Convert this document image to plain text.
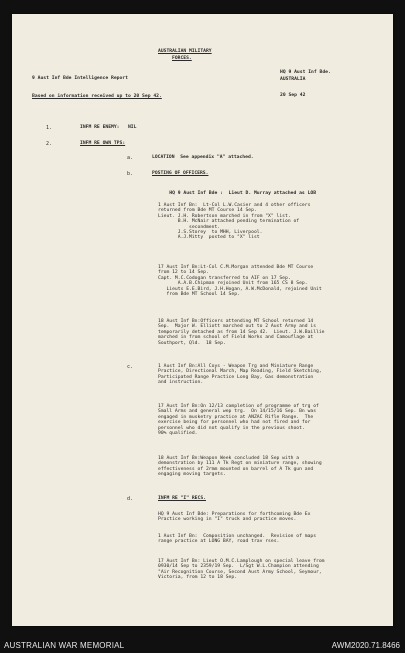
AUSTRALIAN MILITARY
FORCES.
9 Aust Inf Bde Intelligence Report
Based on information received up to 20 Sep 42.
HQ 9 Aust Inf Bde.
AUSTRALIA
20 Sep 42
1.	INFM RE ENEMY:   NIL
2.	INFM RE OWN TPS:
a.	LOCATION  See appendix "A" attached.
b.	POSTING OF OFFICERS.
c.
d.	INFM RE "I" RECS.

HQ 9 Aust Inf Bde :  Lieut D. Murray attached as LOB

1 Aust Inf Bn:  Lt-Col L.W.Casier and 4 other officers
returned from Bde MT Course 14 Sep.
Lieut. J.H. Robertson marched in from "X" list.
B.H. McNair attached pending termination of
secondment.
J.S.Storey  to MHH, Liverpool.
A.J.Mitty  posted to "X" list
17 Aust Inf Bn:Lt-Col C.M.Morgan attended Bde MT Course
from 12 to 14 Sep.
Capt. M.C.Codogan transferred to AIF on 17 Sep.
A.A.B.Chipman rejoined Unit from 165 CS 8 Sep.
Lieuts E.E.Bird, J.H.Hogan, A.W.McDonald, rejoined Unit
from Bde MT School 14 Sep.
18 Aust Inf Bn:Officers attending MT School returned 14
Sep.  Major W. Elliott marched out to 2 Aust Army and is
temporarily detached as from 14 Sep 42.  Lieut. J.W.Baillie
marched in from school of Field Works and Camouflage at
Southport, Qld.  18 Sep.
1 Aust Inf Bn:All Coys - Weapon Trg and Miniature Range
Practice, Directional March, Map Reading, Field Sketching,
Participated Range Practice Long Bay, Gas demonstration
and instruction.
17 Aust Inf Bn:On 12/13 completion of programme of trg of
Small Arms and general wep trg.  On 14/15/16 Sep. Bn was
engaged in musketry practice at ANZAC Rifle Range.  The
exercise being for personnel who had not fired and for
personnel who did not qualify in the previous shoot.
90% qualified.
18 Aust Inf Bn:Weapon Week concluded 18 Sep with a
demonstration by 111 A Tk Regt on miniature range, showing
effectiveness of 2rmm mounted on barrel of A Tk gun and
engaging moving targets.
HQ 9 Aust Inf Bde: Preparations for forthcoming Bde Ex
Practice working in "I" truck and practice moves.
1 Aust Inf Bn:  Composition unchanged.  Revision of maps
range practice at LONG BAY, road trav rses.
17 Aust Inf Bn: Lieut O.M.C.Lamplough on special leave from
0930/14 Sep to 2359/19 Sep.  L/Sgt W.L.Champion attending
"Air Recognition Course, Second Aust Army School, Seymour,
Victoria, from 12 to 18 Sep.
AUSTRALIAN WAR MEMORIAL	AWM2020.71.8466
